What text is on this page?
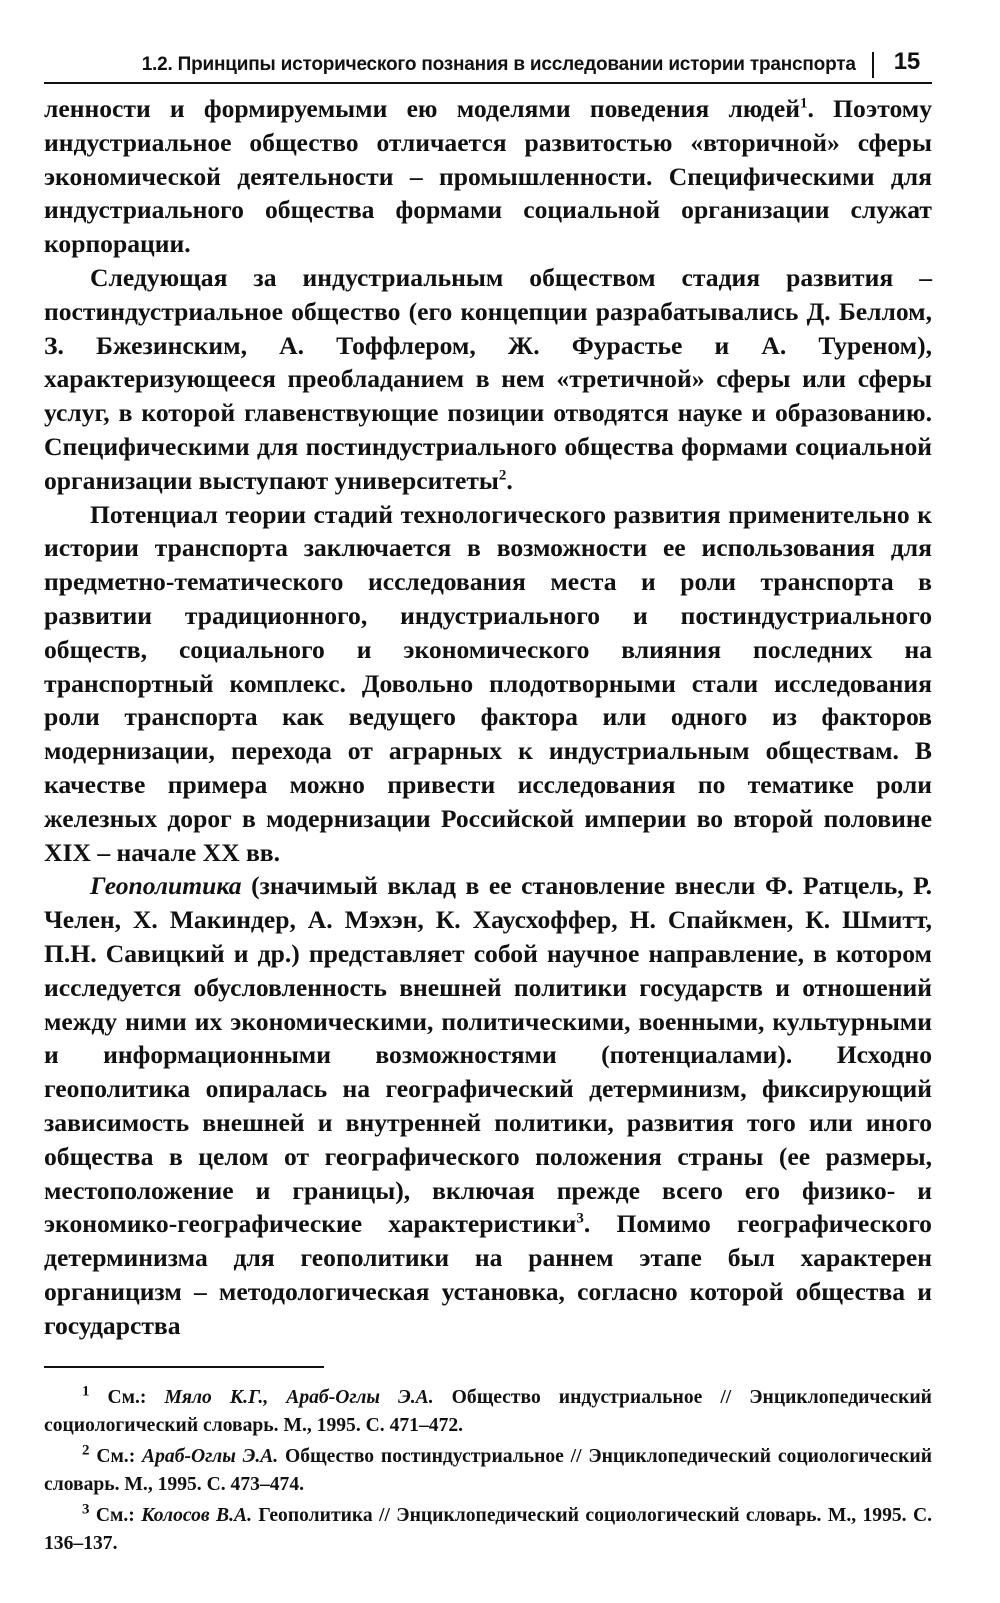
1.2. Принципы исторического познания в исследовании истории транспорта 15

ленности и формируемыми ею моделями поведения людей$^1$. Поэтому индустриальное общество отличается развитостью «вторичной» сферы экономической деятельности – промышленности. Специфическими для индустриального общества формами социальной организации служат корпорации.

Следующая за индустриальным обществом стадия развития – постиндустриальное общество (его концепции разрабатывались Д. Беллом, З. Бжезинским, А. Тоффлером, Ж. Фурастье и А. Туреном), характеризующееся преобладанием в нем «третичной» сферы или сферы услуг, в которой главенствующие позиции отводятся науке и образованию. Специфическими для постиндустриального общества формами социальной организации выступают университеты$^2$.

Потенциал теории стадий технологического развития применительно к истории транспорта заключается в возможности ее использования для предметно-тематического исследования места и роли транспорта в развитии традиционного, индустриального и постиндустриального обществ, социального и экономического влияния последних на транспортный комплекс. Довольно плодотворными стали исследования роли транспорта как ведущего фактора или одного из факторов модернизации, перехода от аграрных к индустриальным обществам. В качестве примера можно привести исследования по тематике роли железных дорог в модернизации Российской империи во второй половине XIX – начале XX вв.

Геополитика (значимый вклад в ее становление внесли Ф. Ратцель, Р. Челен, Х. Макиндер, А. Мэхэн, К. Хаусхоффер, Н. Спайкмен, К. Шмитт, П.Н. Савицкий и др.) представляет собой научное направление, в котором исследуется обусловленность внешней политики государств и отношений между ними их экономическими, политическими, военными, культурными и информационными возможностями (потенциалами). Исходно геополитика опиралась на географический детерминизм, фиксирующий зависимость внешней и внутренней политики, развития того или иного общества в целом от географического положения страны (ее размеры, местоположение и границы), включая прежде всего его физико- и экономико-географические характеристики$^3$. Помимо географического детерминизма для геополитики на раннем этапе был характерен органицизм – методологическая установка, согласно которой общества и государства

$^1$ См.: Мяло К.Г., Араб-Оглы Э.А. Общество индустриальное // Энциклопедический социологический словарь. М., 1995. С. 471–472.

$^2$ См.: Араб-Оглы Э.А. Общество постиндустриальное // Энциклопедический социологический словарь. М., 1995. С. 473–474.

$^3$ См.: Колосов В.А. Геополитика // Энциклопедический социологический словарь. М., 1995. С. 136–137.
